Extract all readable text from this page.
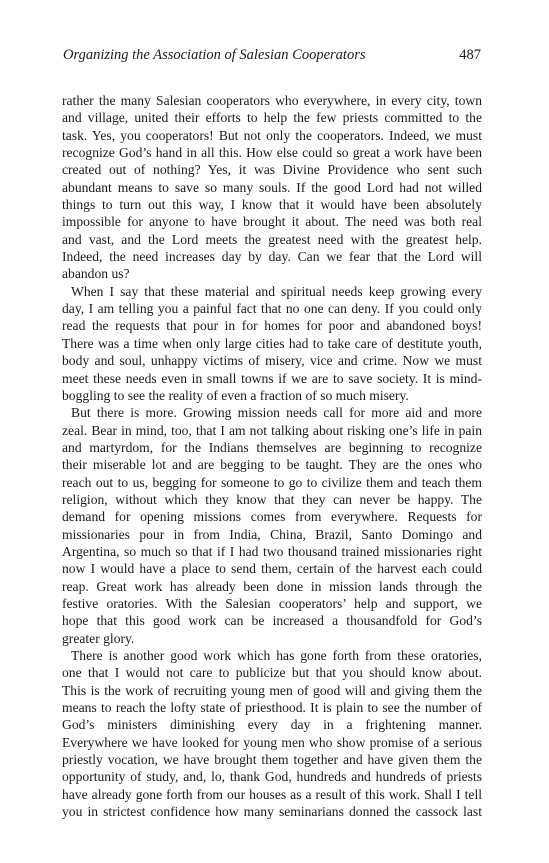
Organizing the Association of Salesian Cooperators	487
rather the many Salesian cooperators who everywhere, in every city, town
and village, united their efforts to help the few priests committed to the
task. Yes, you cooperators! But not only the cooperators. Indeed, we must
recognize God’s hand in all this. How else could so great a work have been
created out of nothing? Yes, it was Divine Providence who sent such
abundant means to save so many souls. If the good Lord had not willed
things to turn out this way, I know that it would have been absolutely
impossible for anyone to have brought it about. The need was both real
and vast, and the Lord meets the greatest need with the greatest help.
Indeed, the need increases day by day. Can we fear that the Lord will
abandon us?
When I say that these material and spiritual needs keep growing every
day, I am telling you a painful fact that no one can deny. If you could only
read the requests that pour in for homes for poor and abandoned boys!
There was a time when only large cities had to take care of destitute youth,
body and soul, unhappy victims of misery, vice and crime. Now we must
meet these needs even in small towns if we are to save society. It is mind-
boggling to see the reality of even a fraction of so much misery.
But there is more. Growing mission needs call for more aid and more
zeal. Bear in mind, too, that I am not talking about risking one’s life in pain
and martyrdom, for the Indians themselves are beginning to recognize
their miserable lot and are begging to be taught. They are the ones who
reach out to us, begging for someone to go to civilize them and teach them
religion, without which they know that they can never be happy. The
demand for opening missions comes from everywhere. Requests for
missionaries pour in from India, China, Brazil, Santo Domingo and
Argentina, so much so that if I had two thousand trained missionaries right
now I would have a place to send them, certain of the harvest each could
reap. Great work has already been done in mission lands through the
festive oratories. With the Salesian cooperators’ help and support, we
hope that this good work can be increased a thousandfold for God’s
greater glory.
There is another good work which has gone forth from these oratories,
one that I would not care to publicize but that you should know about.
This is the work of recruiting young men of good will and giving them the
means to reach the lofty state of priesthood. It is plain to see the number of
God’s ministers diminishing every day in a frightening manner.
Everywhere we have looked for young men who show promise of a serious
priestly vocation, we have brought them together and have given them the
opportunity of study, and, lo, thank God, hundreds and hundreds of priests
have already gone forth from our houses as a result of this work. Shall I tell
you in strictest confidence how many seminarians donned the cassock last
